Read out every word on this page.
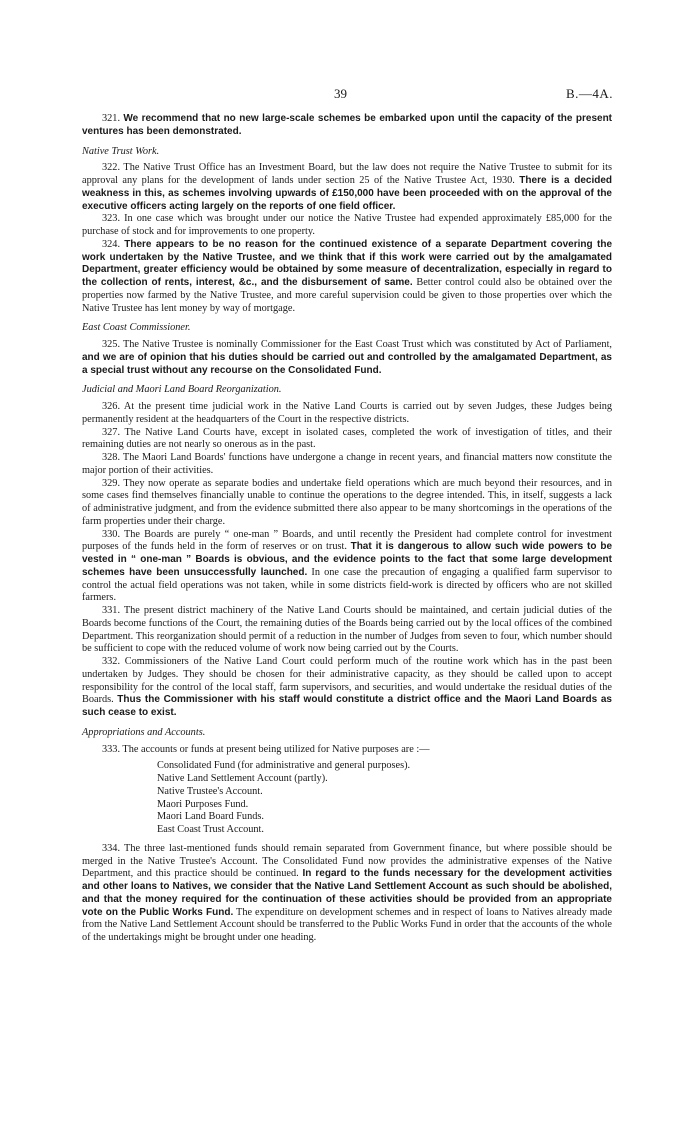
39	B.—4A.

321. We recommend that no new large-scale schemes be embarked upon until the capacity of the present ventures has been demonstrated.

Native Trust Work.

322. The Native Trust Office has an Investment Board, but the law does not require the Native Trustee to submit for its approval any plans for the development of lands under section 25 of the Native Trustee Act, 1930. There is a decided weakness in this, as schemes involving upwards of £150,000 have been proceeded with on the approval of the executive officers acting largely on the reports of one field officer.

323. In one case which was brought under our notice the Native Trustee had expended approximately £85,000 for the purchase of stock and for improvements to one property.

324. There appears to be no reason for the continued existence of a separate Department covering the work undertaken by the Native Trustee, and we think that if this work were carried out by the amalgamated Department, greater efficiency would be obtained by some measure of decentralization, especially in regard to the collection of rents, interest, &c., and the disbursement of same. Better control could also be obtained over the properties now farmed by the Native Trustee, and more careful supervision could be given to those properties over which the Native Trustee has lent money by way of mortgage.

East Coast Commissioner.

325. The Native Trustee is nominally Commissioner for the East Coast Trust which was constituted by Act of Parliament, and we are of opinion that his duties should be carried out and controlled by the amalgamated Department, as a special trust without any recourse on the Consolidated Fund.

Judicial and Maori Land Board Reorganization.

326. At the present time judicial work in the Native Land Courts is carried out by seven Judges, these Judges being permanently resident at the headquarters of the Court in the respective districts.

327. The Native Land Courts have, except in isolated cases, completed the work of investigation of titles, and their remaining duties are not nearly so onerous as in the past.

328. The Maori Land Boards' functions have undergone a change in recent years, and financial matters now constitute the major portion of their activities.

329. They now operate as separate bodies and undertake field operations which are much beyond their resources, and in some cases find themselves financially unable to continue the operations to the degree intended. This, in itself, suggests a lack of administrative judgment, and from the evidence submitted there also appear to be many shortcomings in the operations of the farm properties under their charge.

330. The Boards are purely “ one-man ” Boards, and until recently the President had complete control for investment purposes of the funds held in the form of reserves or on trust. That it is dangerous to allow such wide powers to be vested in “ one-man ” Boards is obvious, and the evidence points to the fact that some large development schemes have been unsuccessfully launched. In one case the precaution of engaging a qualified farm supervisor to control the actual field operations was not taken, while in some districts field-work is directed by officers who are not skilled farmers.

331. The present district machinery of the Native Land Courts should be maintained, and certain judicial duties of the Boards become functions of the Court, the remaining duties of the Boards being carried out by the local offices of the combined Department. This reorganization should permit of a reduction in the number of Judges from seven to four, which number should be sufficient to cope with the reduced volume of work now being carried out by the Courts.

332. Commissioners of the Native Land Court could perform much of the routine work which has in the past been undertaken by Judges. They should be chosen for their administrative capacity, as they should be called upon to accept responsibility for the control of the local staff, farm supervisors, and securities, and would undertake the residual duties of the Boards. Thus the Commissioner with his staff would constitute a district office and the Maori Land Boards as such cease to exist.

Appropriations and Accounts.

333. The accounts or funds at present being utilized for Native purposes are :—

Consolidated Fund (for administrative and general purposes).
Native Land Settlement Account (partly).
Native Trustee's Account.
Maori Purposes Fund.
Maori Land Board Funds.
East Coast Trust Account.

334. The three last-mentioned funds should remain separated from Government finance, but where possible should be merged in the Native Trustee's Account. The Consolidated Fund now provides the administrative expenses of the Native Department, and this practice should be continued. In regard to the funds necessary for the development activities and other loans to Natives, we consider that the Native Land Settlement Account as such should be abolished, and that the money required for the continuation of these activities should be provided from an appropriate vote on the Public Works Fund. The expenditure on development schemes and in respect of loans to Natives already made from the Native Land Settlement Account should be transferred to the Public Works Fund in order that the accounts of the whole of the undertakings might be brought under one heading.
